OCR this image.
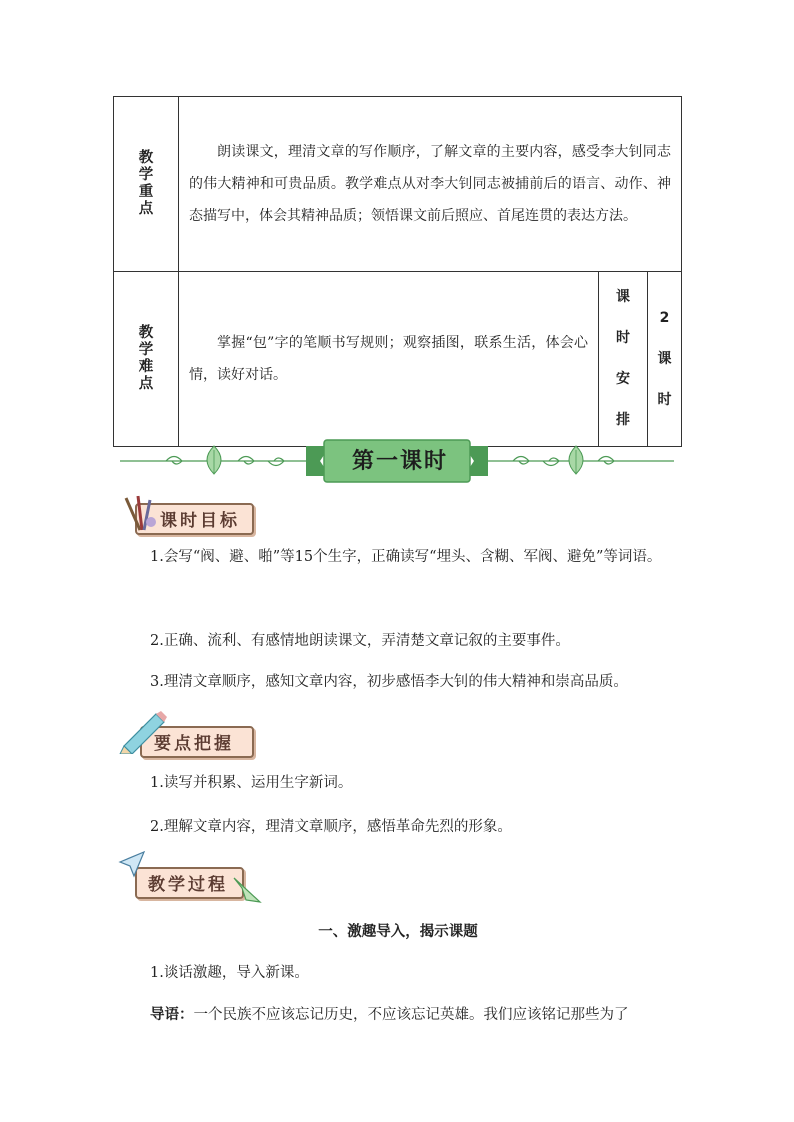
教学重点	朗读课文，理清文章的写作顺序，了解文章的主要内容，感受李大钊同志的伟大精神和可贵品质。教学难点从对李大钊同志被捕前后的语言、动作、神态描写中，体会其精神品质；领悟课文前后照应、首尾连贯的表达方法。		
教学难点	掌握“包”字的笔顺书写规则；观察插图，联系生活，体会心情，读好对话。	课时安排	2课时
第一课时
课时目标
1.会写“阀、避、啪”等15个生字，正确读写“埋头、含糊、军阀、避免”等词语。
2.正确、流利、有感情地朗读课文，弄清楚文章记叙的主要事件。
3.理清文章顺序，感知文章内容，初步感悟李大钊的伟大精神和崇高品质。
要点把握
1.读写并积累、运用生字新词。
2.理解文章内容，理清文章顺序，感悟革命先烈的形象。
教学过程
一、激趣导入，揭示课题
1.谈话激趣，导入新课。
导语：一个民族不应该忘记历史，不应该忘记英雄。我们应该铭记那些为了
